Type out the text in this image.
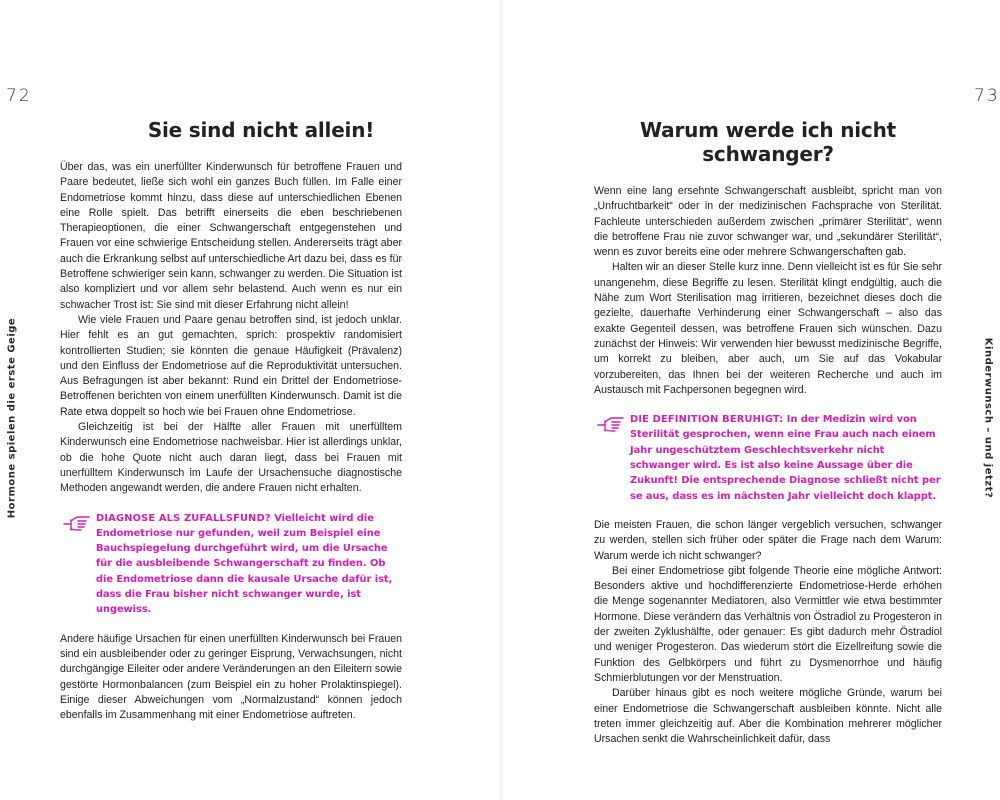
72
Hormone spielen die erste Geige
Sie sind nicht allein!

Über das, was ein unerfüllter Kinderwunsch für betroffene Frauen und Paare bedeutet, ließe sich wohl ein ganzes Buch füllen. Im Falle einer Endometriose kommt hinzu, dass diese auf unterschiedlichen Ebenen eine Rolle spielt. Das betrifft einerseits die eben beschriebenen Therapieoptionen, die einer Schwangerschaft entgegenstehen und Frauen vor eine schwierige Entscheidung stellen. Andererseits trägt aber auch die Erkrankung selbst auf unterschiedliche Art dazu bei, dass es für Betroffene schwieriger sein kann, schwanger zu werden. Die Situation ist also kompliziert und vor allem sehr belastend. Auch wenn es nur ein schwacher Trost ist: Sie sind mit dieser Erfahrung nicht allein!

Wie viele Frauen und Paare genau betroffen sind, ist jedoch unklar. Hier fehlt es an gut gemachten, sprich: prospektiv randomisiert kontrollierten Studien; sie könnten die genaue Häufigkeit (Prävalenz) und den Einfluss der Endometriose auf die Reproduktivität untersuchen. Aus Befragungen ist aber bekannt: Rund ein Drittel der Endometriose-Betroffenen berichten von einem unerfüllten Kinderwunsch. Damit ist die Rate etwa doppelt so hoch wie bei Frauen ohne Endometriose.

Gleichzeitig ist bei der Hälfte aller Frauen mit unerfülltem Kinderwunsch eine Endometriose nachweisbar. Hier ist allerdings unklar, ob die hohe Quote nicht auch daran liegt, dass bei Frauen mit unerfülltem Kinderwunsch im Laufe der Ursachensuche diagnostische Methoden angewandt werden, die andere Frauen nicht erhalten.

DIAGNOSE ALS ZUFALLSFUND? Vielleicht wird die Endometriose nur gefunden, weil zum Beispiel eine Bauchspiegelung durchgeführt wird, um die Ursache für die ausbleibende Schwangerschaft zu finden. Ob die Endometriose dann die kausale Ursache dafür ist, dass die Frau bisher nicht schwanger wurde, ist ungewiss.

Andere häufige Ursachen für einen unerfüllten Kinderwunsch bei Frauen sind ein ausbleibender oder zu geringer Eisprung, Verwachsungen, nicht durchgängige Eileiter oder andere Veränderungen an den Eileitern sowie gestörte Hormonbalancen (zum Beispiel ein zu hoher Prolaktinspiegel). Einige dieser Abweichungen vom „Normalzustand“ können jedoch ebenfalls im Zusammenhang mit einer Endometriose auftreten.

73
Kinderwunsch – und jetzt?
Warum werde ich nicht schwanger?

Wenn eine lang ersehnte Schwangerschaft ausbleibt, spricht man von „Unfruchtbarkeit“ oder in der medizinischen Fachsprache von Sterilität. Fachleute unterschieden außerdem zwischen „primärer Sterilität“, wenn die betroffene Frau nie zuvor schwanger war, und „sekundärer Sterilität“, wenn es zuvor bereits eine oder mehrere Schwangerschaften gab.

Halten wir an dieser Stelle kurz inne. Denn vielleicht ist es für Sie sehr unangenehm, diese Begriffe zu lesen. Sterilität klingt endgültig, auch die Nähe zum Wort Sterilisation mag irritieren, bezeichnet dieses doch die gezielte, dauerhafte Verhinderung einer Schwangerschaft – also das exakte Gegenteil dessen, was betroffene Frauen sich wünschen. Dazu zunächst der Hinweis: Wir verwenden hier bewusst medizinische Begriffe, um korrekt zu bleiben, aber auch, um Sie auf das Vokabular vorzubereiten, das Ihnen bei der weiteren Recherche und auch im Austausch mit Fachpersonen begegnen wird.

DIE DEFINITION BERUHIGT: In der Medizin wird von Sterilität gesprochen, wenn eine Frau auch nach einem Jahr ungeschütztem Geschlechtsverkehr nicht schwanger wird. Es ist also keine Aussage über die Zukunft! Die entsprechende Diagnose schließt nicht per se aus, dass es im nächsten Jahr vielleicht doch klappt.

Die meisten Frauen, die schon länger vergeblich versuchen, schwanger zu werden, stellen sich früher oder später die Frage nach dem Warum: Warum werde ich nicht schwanger?

Bei einer Endometriose gibt folgende Theorie eine mögliche Antwort: Besonders aktive und hochdifferenzierte Endometriose-Herde erhöhen die Menge sogenannter Mediatoren, also Vermittler wie etwa bestimmter Hormone. Diese verändern das Verhältnis von Östradiol zu Progesteron in der zweiten Zyklushälfte, oder genauer: Es gibt dadurch mehr Östradiol und weniger Progesteron. Das wiederum stört die Eizellreifung sowie die Funktion des Gelbkörpers und führt zu Dysmenorrhoe und häufig Schmierblutungen vor der Menstruation.

Darüber hinaus gibt es noch weitere mögliche Gründe, warum bei einer Endometriose die Schwangerschaft ausbleiben könnte. Nicht alle treten immer gleichzeitig auf. Aber die Kombination mehrerer möglicher Ursachen senkt die Wahrscheinlichkeit dafür, dass
